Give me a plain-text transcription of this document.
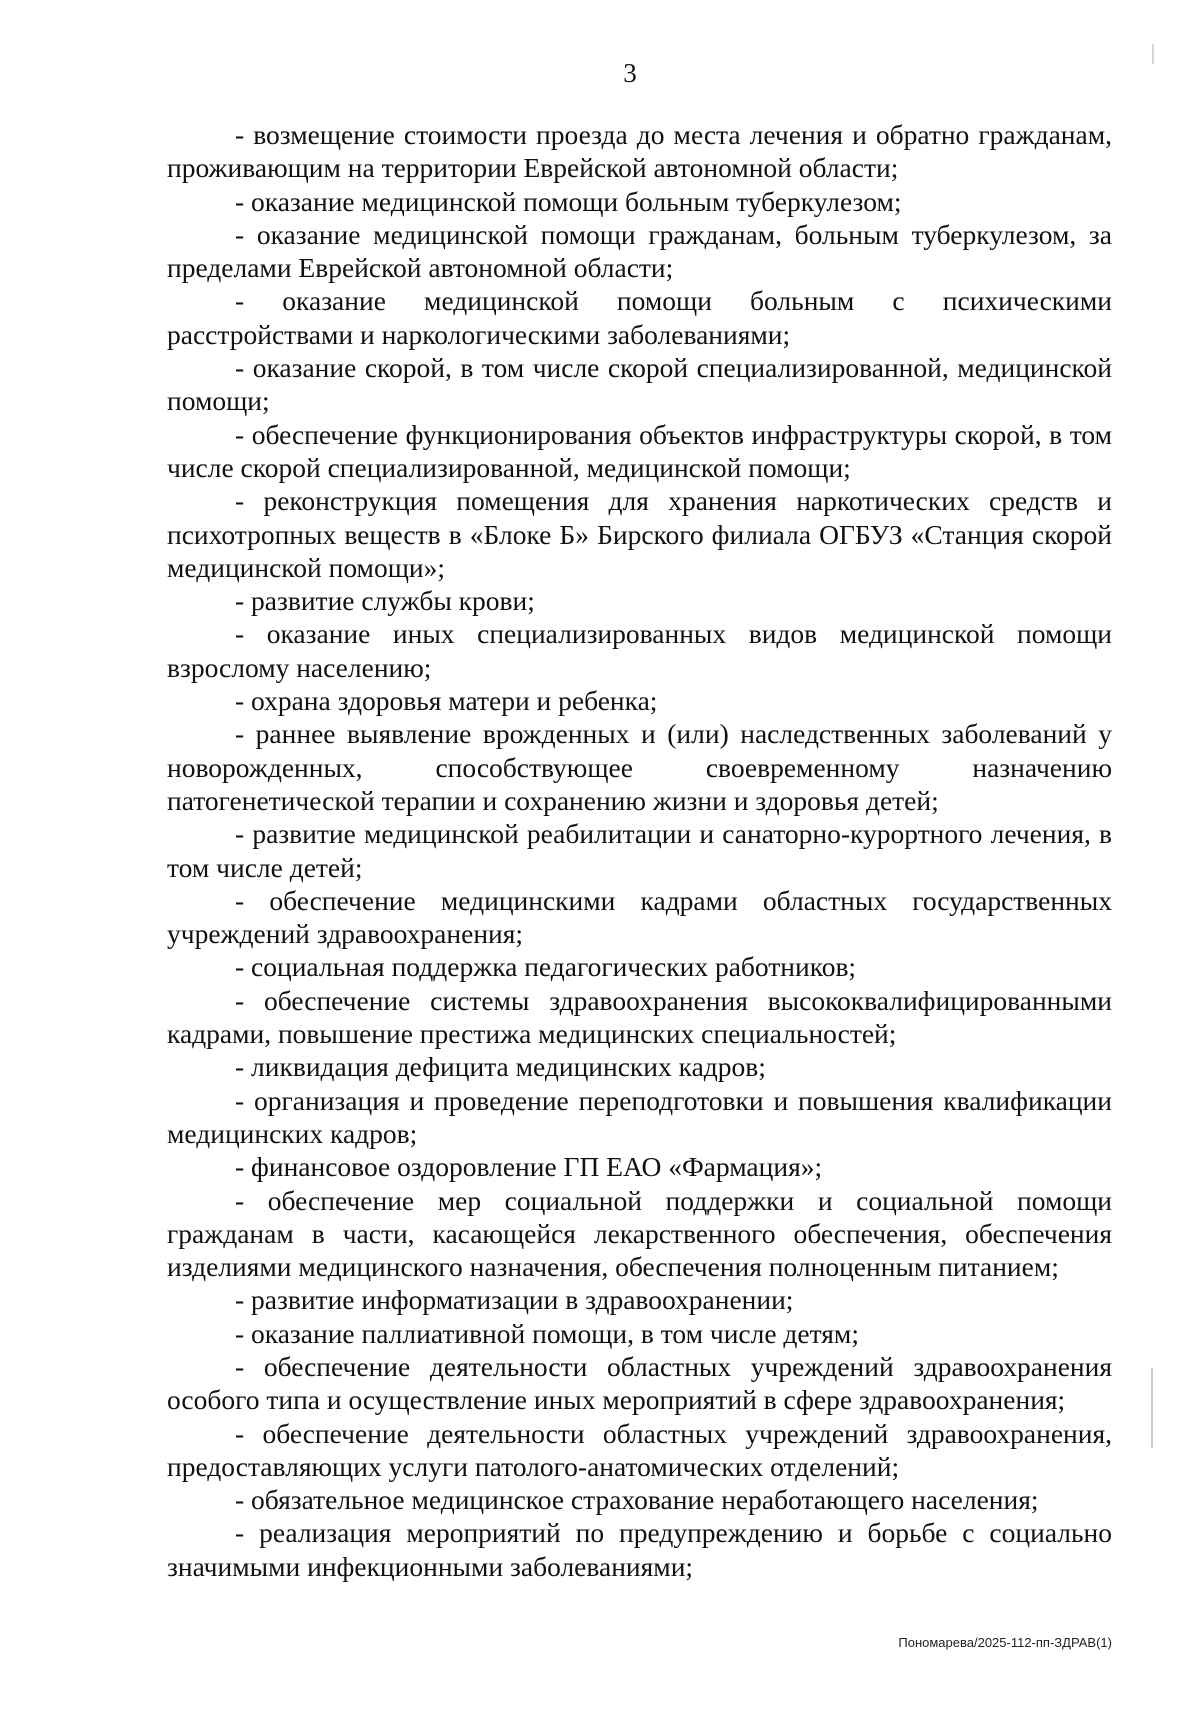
3

- возмещение стоимости проезда до места лечения и обратно гражданам, проживающим на территории Еврейской автономной области;

- оказание медицинской помощи больным туберкулезом;

- оказание медицинской помощи гражданам, больным туберкулезом, за пределами Еврейской автономной области;

- оказание медицинской помощи больным с психическими расстройствами и наркологическими заболеваниями;

- оказание скорой, в том числе скорой специализированной, медицинской помощи;

- обеспечение функционирования объектов инфраструктуры скорой, в том числе скорой специализированной, медицинской помощи;

- реконструкция помещения для хранения наркотических средств и психотропных веществ в «Блоке Б» Бирского филиала ОГБУЗ «Станция скорой медицинской помощи»;

- развитие службы крови;

- оказание иных специализированных видов медицинской помощи взрослому населению;

- охрана здоровья матери и ребенка;

- раннее выявление врожденных и (или) наследственных заболеваний у новорожденных, способствующее своевременному назначению патогенетической терапии и сохранению жизни и здоровья детей;

- развитие медицинской реабилитации и санаторно-курортного лечения, в том числе детей;

- обеспечение медицинскими кадрами областных государственных учреждений здравоохранения;

- социальная поддержка педагогических работников;

- обеспечение системы здравоохранения высококвалифицированными кадрами, повышение престижа медицинских специальностей;

- ликвидация дефицита медицинских кадров;

- организация и проведение переподготовки и повышения квалификации медицинских кадров;

- финансовое оздоровление ГП ЕАО «Фармация»;

- обеспечение мер социальной поддержки и социальной помощи гражданам в части, касающейся лекарственного обеспечения, обеспечения изделиями медицинского назначения, обеспечения полноценным питанием;

- развитие информатизации в здравоохранении;

- оказание паллиативной помощи, в том числе детям;

- обеспечение деятельности областных учреждений здравоохранения особого типа и осуществление иных мероприятий в сфере здравоохранения;

- обеспечение деятельности областных учреждений здравоохранения, предоставляющих услуги патолого-анатомических отделений;

- обязательное медицинское страхование неработающего населения;

- реализация мероприятий по предупреждению и борьбе с социально значимыми инфекционными заболеваниями;

Пономарева/2025-112-пп-ЗДРАВ(1)
